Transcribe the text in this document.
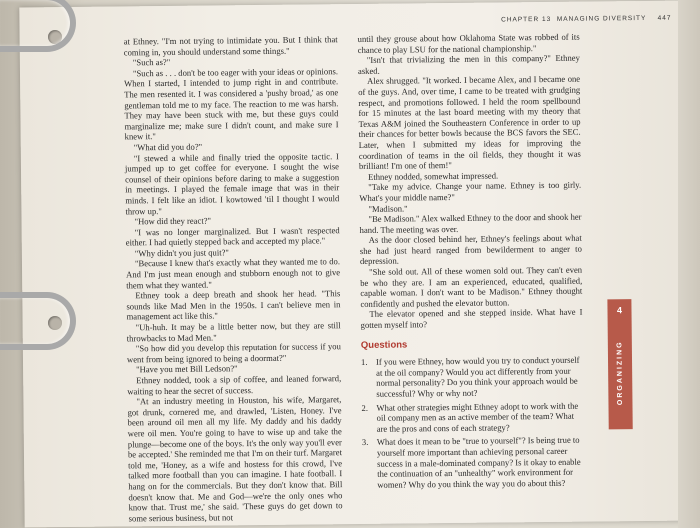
CHAPTER 13 MANAGING DIVERSITY 447

at Ethney. "I'm not trying to intimidate you. But I think that coming in, you should understand some things."

"Such as?"

"Such as . . . don't be too eager with your ideas or opinions. When I started, I intended to jump right in and contribute. The men resented it. I was considered a 'pushy broad,' as one gentleman told me to my face. The reaction to me was harsh. They may have been stuck with me, but these guys could marginalize me; make sure I didn't count, and make sure I knew it."

"What did you do?"

"I stewed a while and finally tried the opposite tactic. I jumped up to get coffee for everyone. I sought the wise counsel of their opinions before daring to make a suggestion in meetings. I played the female image that was in their minds. I felt like an idiot. I kowtowed 'til I thought I would throw up."

"How did they react?"

"I was no longer marginalized. But I wasn't respected either. I had quietly stepped back and accepted my place."

"Why didn't you just quit?"

"Because I knew that's exactly what they wanted me to do. And I'm just mean enough and stubborn enough not to give them what they wanted."

Ethney took a deep breath and shook her head. "This sounds like Mad Men in the 1950s. I can't believe men in management act like this."

"Uh-huh. It may be a little better now, but they are still throwbacks to Mad Men."

"So how did you develop this reputation for success if you went from being ignored to being a doormat?"

"Have you met Bill Ledson?"

Ethney nodded, took a sip of coffee, and leaned forward, waiting to hear the secret of success.

"At an industry meeting in Houston, his wife, Margaret, got drunk, cornered me, and drawled, 'Listen, Honey. I've been around oil men all my life. My daddy and his daddy were oil men. You're going to have to wise up and take the plunge—become one of the boys. It's the only way you'll ever be accepted.' She reminded me that I'm on their turf. Margaret told me, 'Honey, as a wife and hostess for this crowd, I've talked more football than you can imagine. I hate football. I hang on for the commercials. But they don't know that. Bill doesn't know that. Me and God—we're the only ones who know that. Trust me,' she said. 'These guys do get down to some serious business, but not

until they grouse about how Oklahoma State was robbed of its chance to play LSU for the national championship."

"Isn't that trivializing the men in this company?" Ethney asked.

Alex shrugged. "It worked. I became Alex, and I became one of the guys. And, over time, I came to be treated with grudging respect, and promotions followed. I held the room spellbound for 15 minutes at the last board meeting with my theory that Texas A&M joined the Southeastern Conference in order to up their chances for better bowls because the BCS favors the SEC. Later, when I submitted my ideas for improving the coordination of teams in the oil fields, they thought it was brilliant! I'm one of them!"

Ethney nodded, somewhat impressed.

"Take my advice. Change your name. Ethney is too girly. What's your middle name?"

"Madison."

"Be Madison." Alex walked Ethney to the door and shook her hand. The meeting was over.

As the door closed behind her, Ethney's feelings about what she had just heard ranged from bewilderment to anger to depression.

"She sold out. All of these women sold out. They can't even be who they are. I am an experienced, educated, qualified, capable woman. I don't want to be Madison." Ethney thought confidently and pushed the elevator button.

The elevator opened and she stepped inside. What have I gotten myself into?

Questions
1. If you were Ethney, how would you try to conduct yourself at the oil company? Would you act differently from your normal personality? Do you think your approach would be successful? Why or why not?
2. What other strategies might Ethney adopt to work with the oil company men as an active member of the team? What are the pros and cons of each strategy?
3. What does it mean to be "true to yourself"? Is being true to yourself more important than achieving personal career success in a male-dominated company? Is it okay to enable the continuation of an "unhealthy" work environment for women? Why do you think the way you do about this?
4
ORGANIZING
